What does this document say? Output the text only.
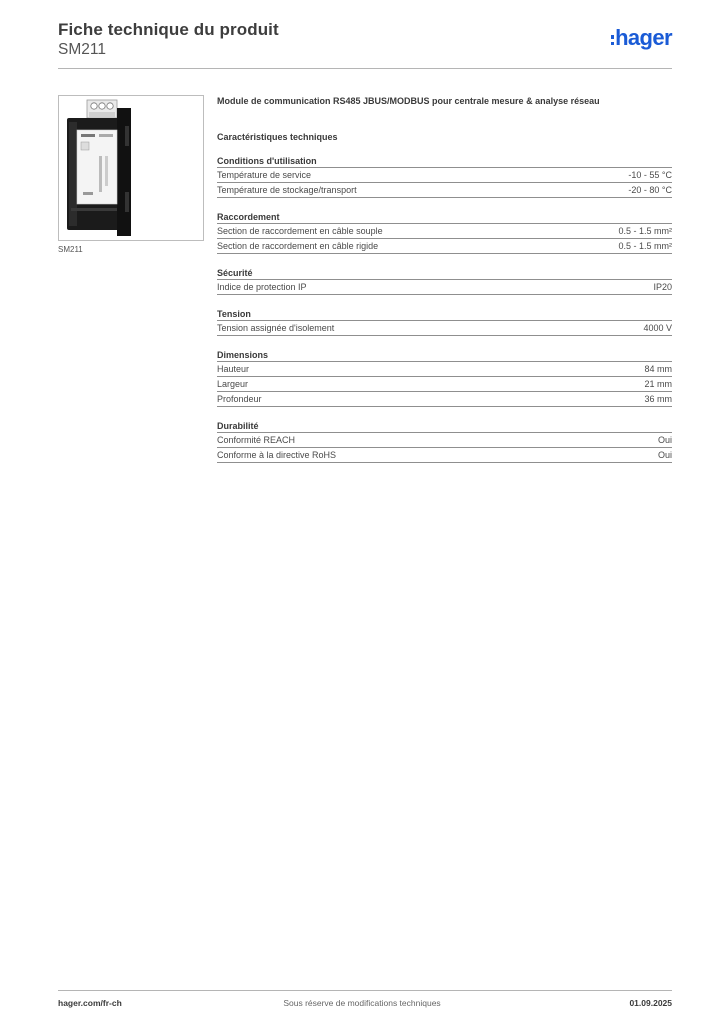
Fiche technique du produit
SM211	hager
SM211
Module de communication RS485 JBUS/MODBUS pour centrale mesure & analyse réseau
Caractéristiques techniques
Conditions d'utilisation
Température de service	-10 - 55 °C
Température de stockage/transport	-20 - 80 °C
Raccordement
Section de raccordement en câble souple	0.5 - 1.5 mm²
Section de raccordement en câble rigide	0.5 - 1.5 mm²
Sécurité
Indice de protection IP	IP20
Tension
Tension assignée d'isolement	4000 V
Dimensions
Hauteur	84 mm
Largeur	21 mm
Profondeur	36 mm
Durabilité
Conformité REACH	Oui
Conforme à la directive RoHS	Oui
hager.com/fr-ch	Sous réserve de modifications techniques	01.09.2025
